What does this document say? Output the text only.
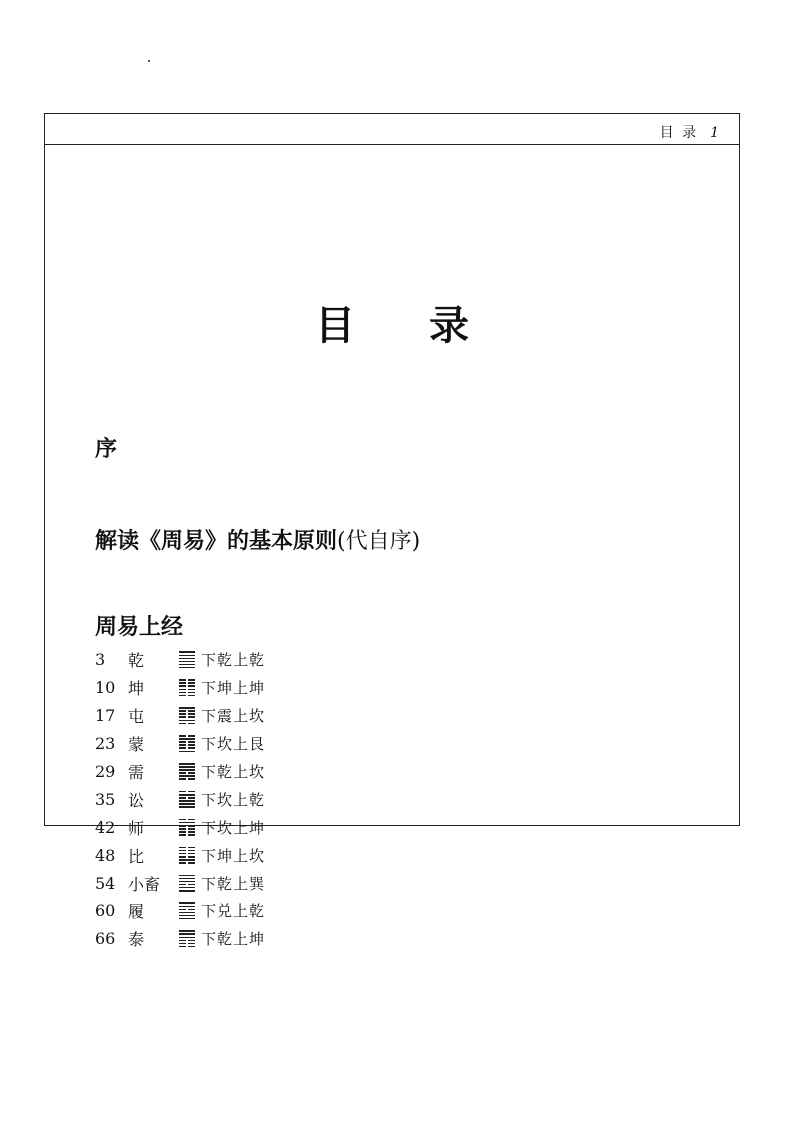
目 录 1
目 录
序
解读《周易》的基本原则(代自序)
周易上经
3	乾	下乾上乾
10 坤	下坤上坤
17 屯	下震上坎
23 蒙	下坎上艮
29 需	下乾上坎
35 讼	下坎上乾
42 师	下坎上坤
48 比	下坤上坎
54 小畜	下乾上巽
60 履	下兑上乾
66 泰	下乾上坤
